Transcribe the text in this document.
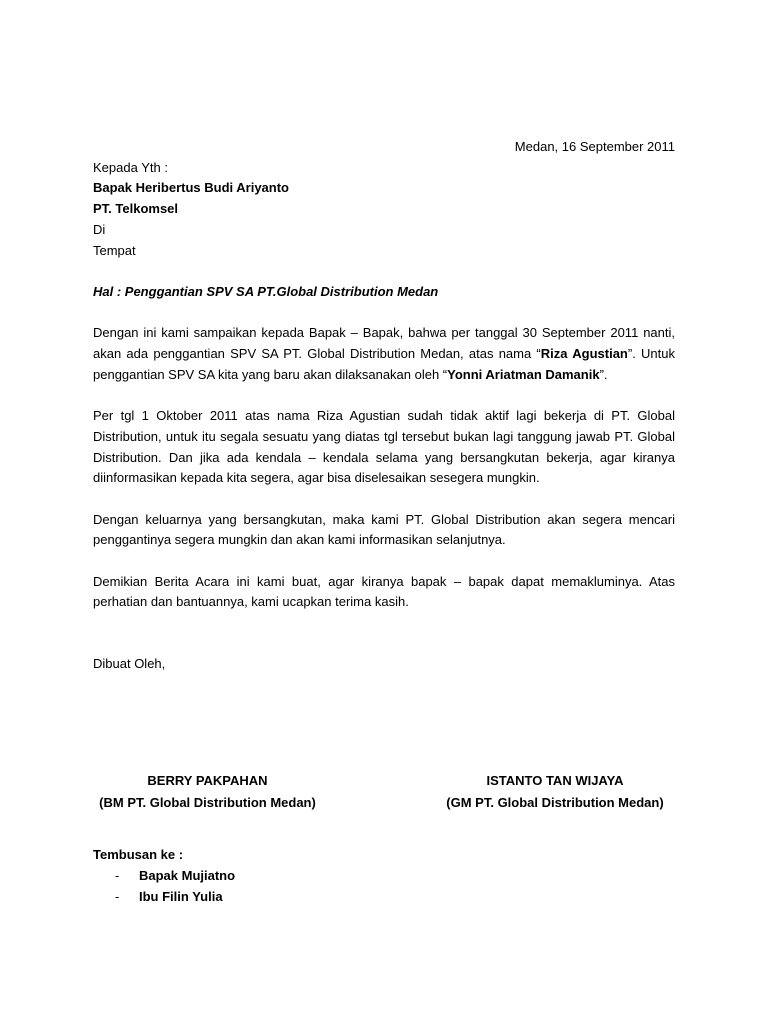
Medan, 16 September 2011
Kepada Yth :
Bapak Heribertus Budi Ariyanto
PT. Telkomsel
Di
Tempat
Hal : Penggantian SPV SA PT.Global Distribution Medan
Dengan ini kami sampaikan kepada Bapak – Bapak, bahwa per tanggal 30 September 2011 nanti, akan ada penggantian SPV SA PT. Global Distribution Medan, atas nama “Riza Agustian”. Untuk penggantian SPV SA kita yang baru akan dilaksanakan oleh “Yonni Ariatman Damanik”.
Per tgl 1 Oktober 2011 atas nama Riza Agustian sudah tidak aktif lagi bekerja di PT. Global Distribution, untuk itu segala sesuatu yang diatas tgl tersebut bukan lagi tanggung jawab PT. Global Distribution. Dan jika ada kendala – kendala selama yang bersangkutan bekerja, agar kiranya diinformasikan kepada kita segera, agar bisa diselesaikan sesegera mungkin.
Dengan keluarnya yang bersangkutan, maka kami PT. Global Distribution akan segera mencari penggantinya segera mungkin dan akan kami informasikan selanjutnya.
Demikian Berita Acara ini kami buat, agar kiranya bapak – bapak dapat memakluminya. Atas perhatian dan bantuannya, kami ucapkan terima kasih.
Dibuat Oleh,
BERRY PAKPAHAN
(BM PT. Global Distribution Medan)
ISTANTO TAN WIJAYA
(GM PT. Global Distribution Medan)
Tembusan ke :
-	Bapak Mujiatno
-	Ibu Filin Yulia
